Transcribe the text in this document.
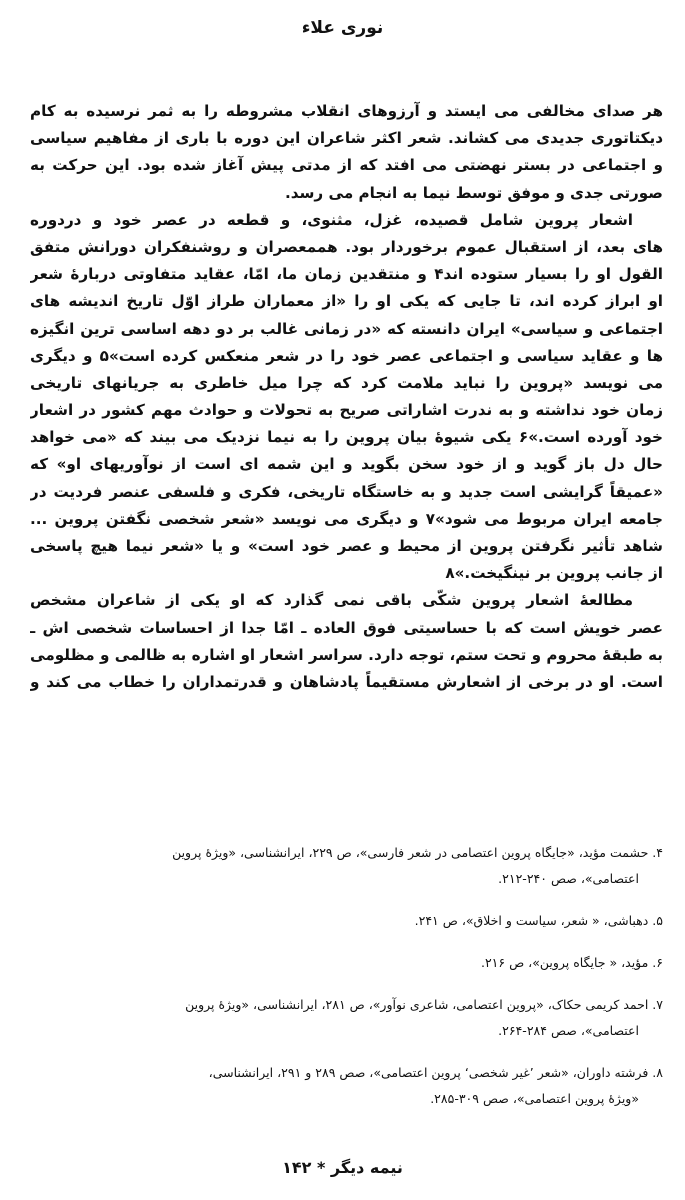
نوری علاء
هر صدای مخالفی می ایستد و آرزوهای انقلاب مشروطه را به ثمر نرسیده به کام
دیکتاتوری جدیدی می کشاند. شعر اکثر شاعران این دوره با باری از مفاهیم سیاسی
و اجتماعی در بستر نهضتی می افتد که از مدتی پیش آغاز شده بود. این حرکت به
صورتی جدی و موفق توسط نیما به انجام می رسد.
اشعار پروین شامل قصیده، غزل، مثنوی، و قطعه در عصر خود و دردوره
های بعد، از استقبال عموم برخوردار بود. هممعصران و روشنفکران دورانش متفق
القول او را بسیار ستوده اند۴ و منتقدین زمان ما، امّا، عقاید متفاوتی دربارهٔ شعر
او ابراز کرده اند، تا جایی که یکی او را «از معماران طراز اوّل تاریخ اندیشه های
اجتماعی و سیاسی» ایران دانسته که «در زمانی غالب بر دو دهه اساسی ترین انگیزه
ها و عقاید سیاسی و اجتماعی عصر خود را در شعر منعکس کرده است»۵ و دیگری
می نویسد «پروین را نباید ملامت کرد که چرا میل خاطری به جریانهای تاریخی
زمان خود نداشته و به ندرت اشاراتی صریح به تحولات و حوادث مهم کشور در اشعار
خود آورده است.»۶ یکی شیوهٔ بیان پروین را به نیما نزدیک می بیند که «می خواهد
حال دل باز گوید و از خود سخن بگوید و این شمه ای است از نوآوریهای او» که
«عمیقاً گرایشی است جدید و به خاستگاه تاریخی، فکری و فلسفی عنصر فردیت در
جامعه ایران مربوط می شود»۷ و دیگری می نویسد «شعر شخصی نگفتن پروین ...
شاهد تأثیر نگرفتن پروین از محیط و عصر خود است» و یا «شعر نیما هیچ پاسخی
از جانب پروین بر نینگیخت.»۸
مطالعهٔ اشعار پروین شکّی باقی نمی گذارد که او یکی از شاعران مشخص
عصر خویش است که با حساسیتی فوق العاده ـ امّا جدا از احساسات شخصی اش ـ
به طبقهٔ محروم و تحت ستم، توجه دارد. سراسر اشعار او اشاره به ظالمی و مظلومی
است. او در برخی از اشعارش مستقیماً پادشاهان و قدرتمداران را خطاب می کند و
۴. حشمت مؤید، «جایگاه پروین اعتصامی در شعر فارسی»، ص ۲۲۹، ایرانشناسی، «ویژهٔ پروین
اعتصامی»، صص ۲۴۰-۲۱۲.
۵. دهباشی، « شعر، سیاست و اخلاق»، ص ۲۴۱.
۶. مؤید، « جایگاه پروین»، ص ۲۱۶.
۷. احمد کریمی حکاک، «پروین اعتصامی، شاعری نوآور»، ص ۲۸۱، ایرانشناسی، «ویژهٔ پروین
اعتصامی»، صص ۲۸۴-۲۶۴.
۸. فرشته داوران، «شعر ’غیر شخصی‘ پروین اعتصامی»، صص ۲۸۹ و ۲۹۱، ایرانشناسی،
«ویژهٔ پروین اعتصامی»، صص ۳۰۹-۲۸۵.
نیمه دیگر * ۱۴۲
